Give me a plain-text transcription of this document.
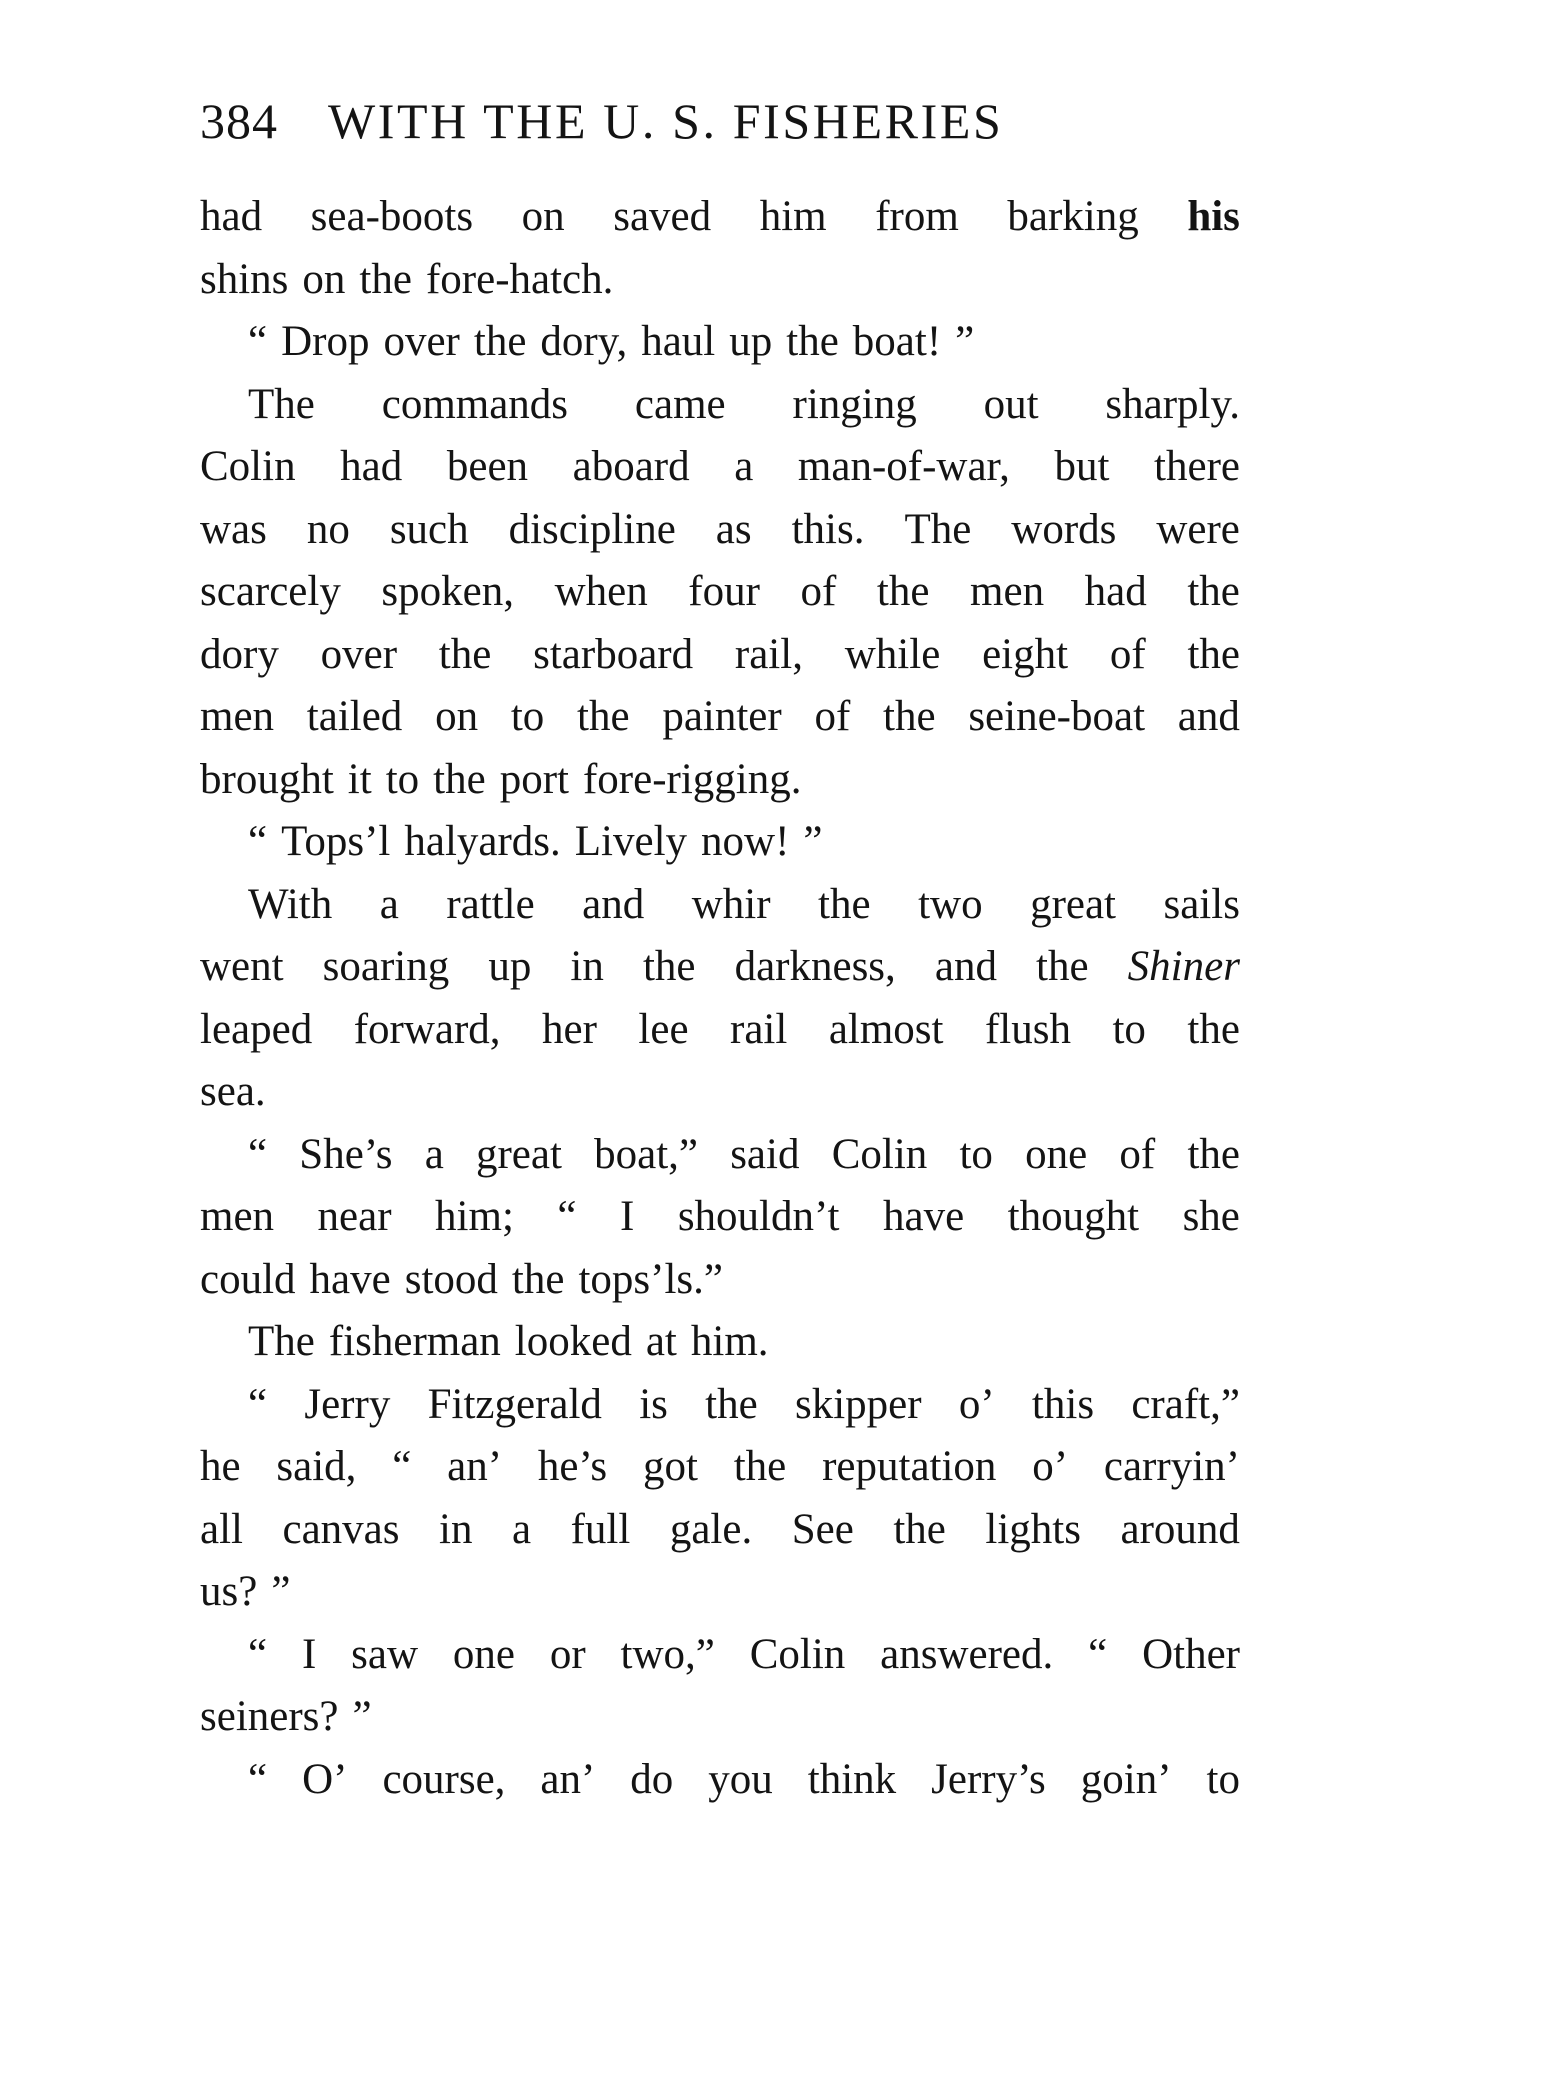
384 WITH THE U. S. FISHERIES
had sea-boots on saved him from barking his
shins on the fore-hatch.
“ Drop over the dory, haul up the boat! ”
The commands came ringing out sharply.
Colin had been aboard a man-of-war, but there
was no such discipline as this. The words were
scarcely spoken, when four of the men had the
dory over the starboard rail, while eight of the
men tailed on to the painter of the seine-boat and
brought it to the port fore-rigging.
“ Tops’l halyards. Lively now! ”
With a rattle and whir the two great sails
went soaring up in the darkness, and the Shiner
leaped forward, her lee rail almost flush to the
sea.
“ She’s a great boat,” said Colin to one of the
men near him; “ I shouldn’t have thought she
could have stood the tops’ls.”
The fisherman looked at him.
“ Jerry Fitzgerald is the skipper o’ this craft,”
he said, “ an’ he’s got the reputation o’ carryin’
all canvas in a full gale. See the lights around
us? ”
“ I saw one or two,” Colin answered. “ Other
seiners? ”
“ O’ course, an’ do you think Jerry’s goin’ to
